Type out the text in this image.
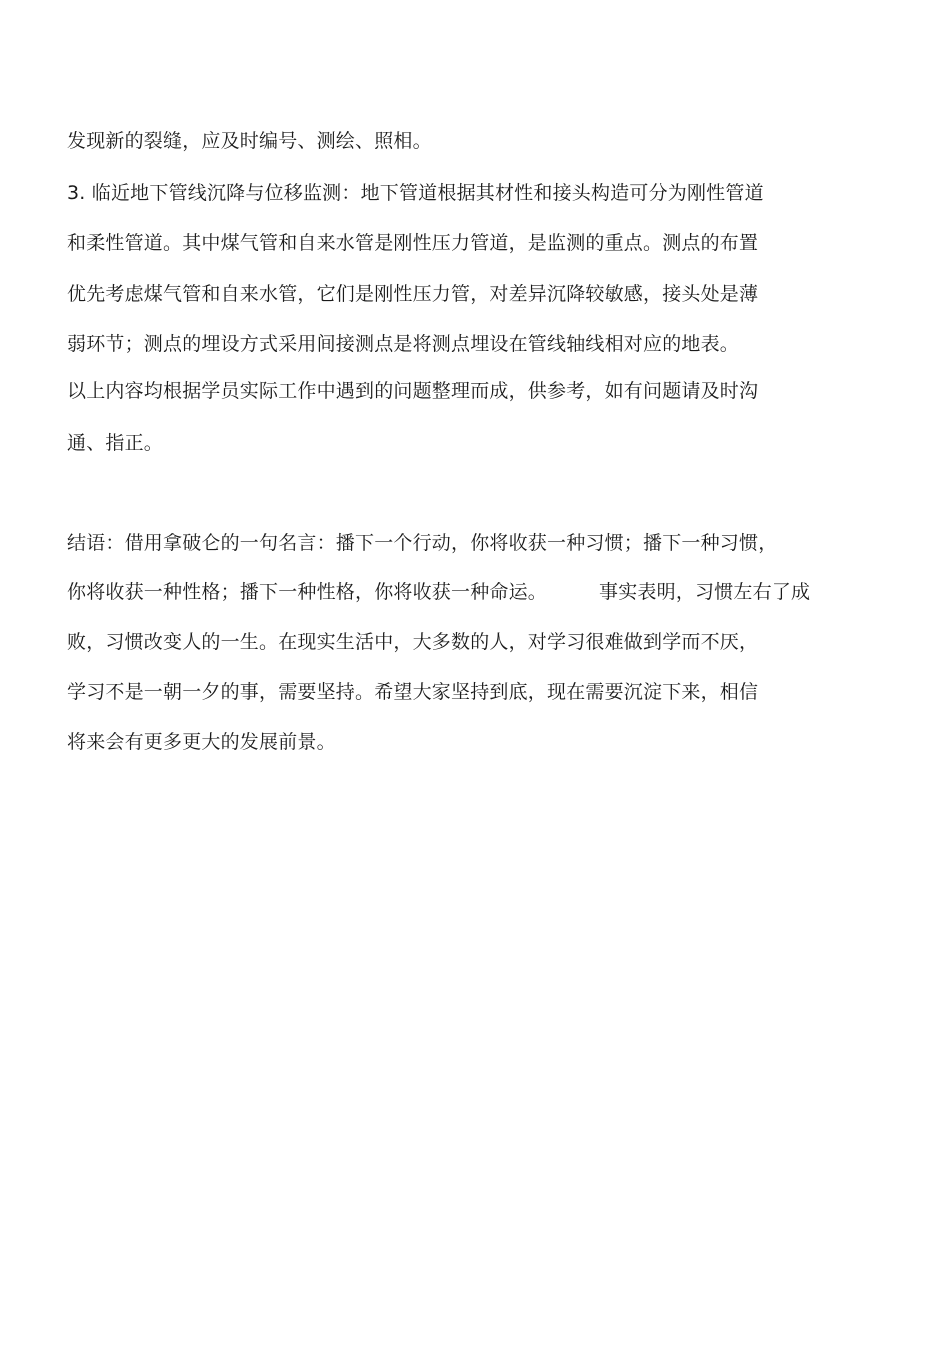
发现新的裂缝，应及时编号、测绘、照相。
3. 临近地下管线沉降与位移监测：地下管道根据其材性和接头构造可分为刚性管道
和柔性管道。其中煤气管和自来水管是刚性压力管道，是监测的重点。测点的布置
优先考虑煤气管和自来水管，它们是刚性压力管，对差异沉降较敏感，接头处是薄
弱环节；测点的埋设方式采用间接测点是将测点埋设在管线轴线相对应的地表。
以上内容均根据学员实际工作中遇到的问题整理而成，供参考，如有问题请及时沟
通、指正。
结语：借用拿破仑的一句名言：播下一个行动，你将收获一种习惯；播下一种习惯，
你将收获一种性格；播下一种性格，你将收获一种命运。	事实表明，习惯左右了成
败，习惯改变人的一生。在现实生活中，大多数的人，对学习很难做到学而不厌，
学习不是一朝一夕的事，需要坚持。希望大家坚持到底，现在需要沉淀下来，相信
将来会有更多更大的发展前景。
